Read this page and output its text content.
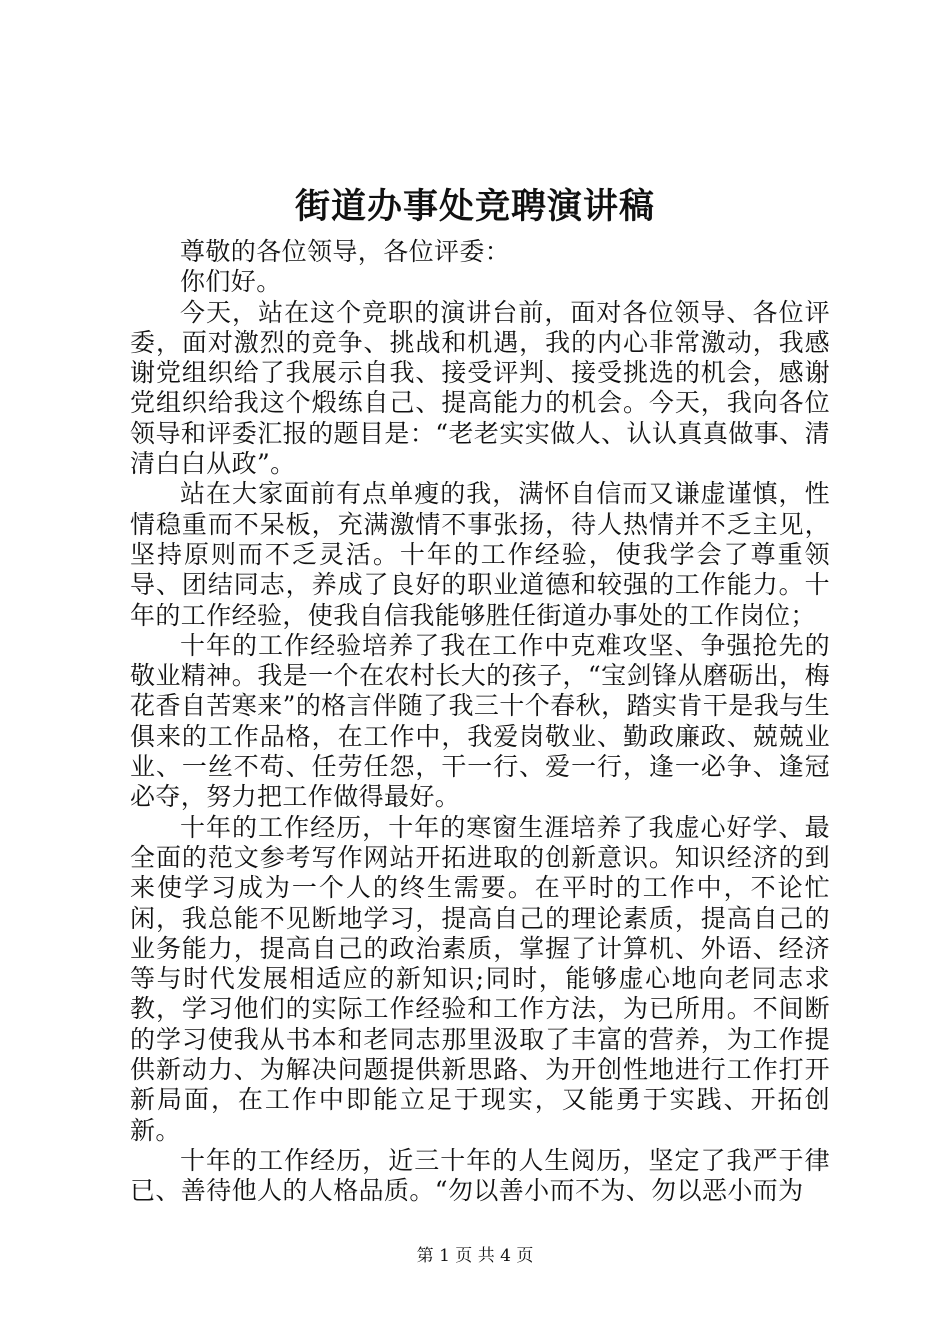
街道办事处竞聘演讲稿

尊敬的各位领导，各位评委：

你们好。

今天，站在这个竞职的演讲台前，面对各位领导、各位评委，面对激烈的竞争、挑战和机遇，我的内心非常激动，我感谢党组织给了我展示自我、接受评判、接受挑选的机会，感谢党组织给我这个煅练自己、提高能力的机会。今天，我向各位领导和评委汇报的题目是：“老老实实做人、认认真真做事、清清白白从政”。

站在大家面前有点单瘦的我，满怀自信而又谦虚谨慎，性情稳重而不呆板，充满激情不事张扬，待人热情并不乏主见，坚持原则而不乏灵活。十年的工作经验，使我学会了尊重领导、团结同志，养成了良好的职业道德和较强的工作能力。十年的工作经验，使我自信我能够胜任街道办事处的工作岗位；

十年的工作经验培养了我在工作中克难攻坚、争强抢先的敬业精神。我是一个在农村长大的孩子，“宝剑锋从磨砺出，梅花香自苦寒来”的格言伴随了我三十个春秋，踏实肯干是我与生俱来的工作品格，在工作中，我爱岗敬业、勤政廉政、兢兢业业、一丝不苟、任劳任怨，干一行、爱一行，逢一必争、逢冠必夺，努力把工作做得最好。

十年的工作经历，十年的寒窗生涯培养了我虚心好学、最全面的范文参考写作网站开拓进取的创新意识。知识经济的到来使学习成为一个人的终生需要。在平时的工作中，不论忙闲，我总能不见断地学习，提高自己的理论素质，提高自己的业务能力，提高自己的政治素质，掌握了计算机、外语、经济等与时代发展相适应的新知识;同时，能够虚心地向老同志求教，学习他们的实际工作经验和工作方法，为已所用。不间断的学习使我从书本和老同志那里汲取了丰富的营养，为工作提供新动力、为解决问题提供新思路、为开创性地进行工作打开新局面，在工作中即能立足于现实，又能勇于实践、开拓创新。

十年的工作经历，近三十年的人生阅历，坚定了我严于律已、善待他人的人格品质。“勿以善小而不为、勿以恶小而为

第 1 页 共 4 页
